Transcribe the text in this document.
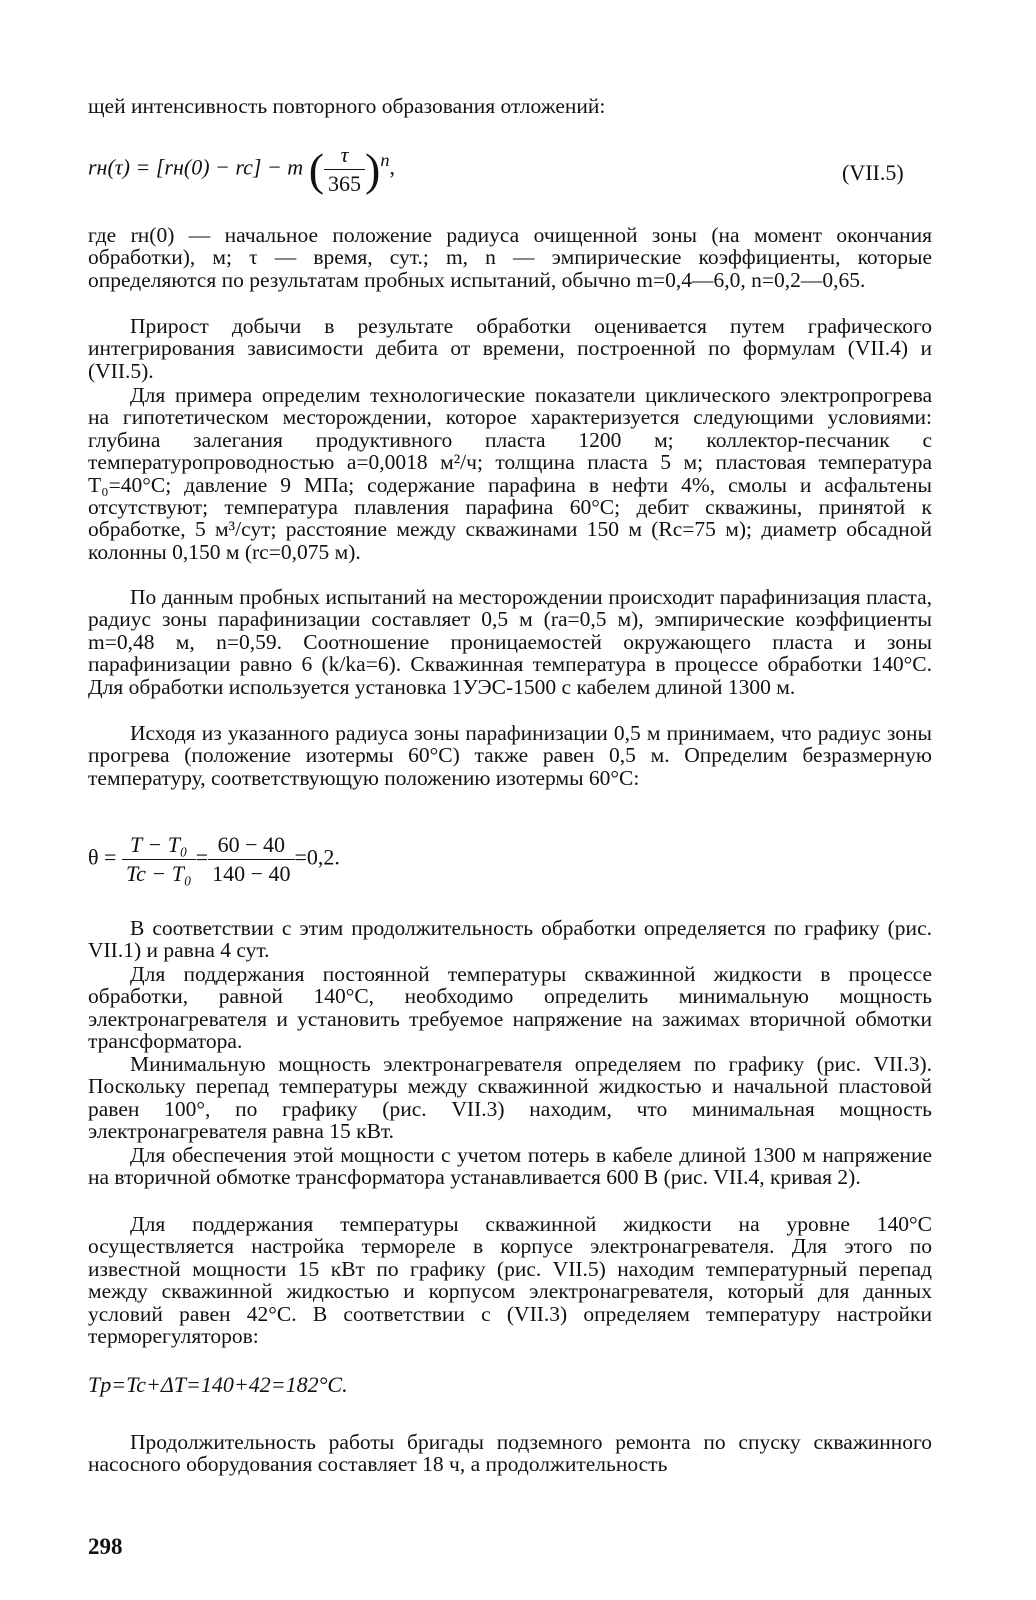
щей интенсивность повторного образования отложений:

rн(τ) = [rн(0) − rc] − m ( $\frac{\tau}{365} )^n$,	(VII.5)

где rн(0) — начальное положение радиуса очищенной зоны (на момент окончания обработки), м; τ — время, сут.; m, n — эмпирические коэффициенты, которые определяются по результатам пробных испытаний, обычно m=0,4—6,0, n=0,2—0,65.

Прирост добычи в результате обработки оценивается путем графического интегрирования зависимости дебита от времени, построенной по формулам (VII.4) и (VII.5).

Для примера определим технологические показатели циклического электропрогрева на гипотетическом месторождении, которое характеризуется следующими условиями: глубина залегания продуктивного пласта 1200 м; коллектор-песчаник с температуропроводностью a=0,0018 м²/ч; толщина пласта 5 м; пластовая температура T₀=40°С; давление 9 МПа; содержание парафина в нефти 4%, смолы и асфальтены отсутствуют; температура плавления парафина 60°С; дебит скважины, принятой к обработке, 5 м³/сут; расстояние между скважинами 150 м (Rc=75 м); диаметр обсадной колонны 0,150 м (rc=0,075 м).

По данным пробных испытаний на месторождении происходит парафинизация пласта, радиус зоны парафинизации составляет 0,5 м (ra=0,5 м), эмпирические коэффициенты m=0,48 м, n=0,59. Соотношение проницаемостей окружающего пласта и зоны парафинизации равно 6 (k/ka=6). Скважинная температура в процессе обработки 140°С. Для обработки используется установка 1УЭС-1500 с кабелем длиной 1300 м.

Исходя из указанного радиуса зоны парафинизации 0,5 м принимаем, что радиус зоны прогрева (положение изотермы 60°С) также равен 0,5 м. Определим безразмерную температуру, соответствующую положению изотермы 60°С:

$\theta = \frac{\text{T − T₀}}{\text{Tc − T₀}} = \frac{60 - 40}{140 - 40} =0,2$.

В соответствии с этим продолжительность обработки определяется по графику (рис. VII.1) и равна 4 сут.

Для поддержания постоянной температуры скважинной жидкости в процессе обработки, равной 140°С, необходимо определить минимальную мощность электронагревателя и установить требуемое напряжение на зажимах вторичной обмотки трансформатора.

Минимальную мощность электронагревателя определяем по графику (рис. VII.3). Поскольку перепад температуры между скважинной жидкостью и начальной пластовой равен 100°, по графику (рис. VII.3) находим, что минимальная мощность электронагревателя равна 15 кВт.

Для обеспечения этой мощности с учетом потерь в кабеле длиной 1300 м напряжение на вторичной обмотке трансформатора устанавливается 600 В (рис. VII.4, кривая 2).

Для поддержания температуры скважинной жидкости на уровне 140°С осуществляется настройка термореле в корпусе электронагревателя. Для этого по известной мощности 15 кВт по графику (рис. VII.5) находим температурный перепад между скважинной жидкостью и корпусом электронагревателя, который для данных условий равен 42°С. В соответствии с (VII.3) определяем температуру настройки терморегуляторов:

Tр=Tc+ΔT=140+42=182°С.

Продолжительность работы бригады подземного ремонта по спуску скважинного насосного оборудования составляет 18 ч, а продолжительность

298
